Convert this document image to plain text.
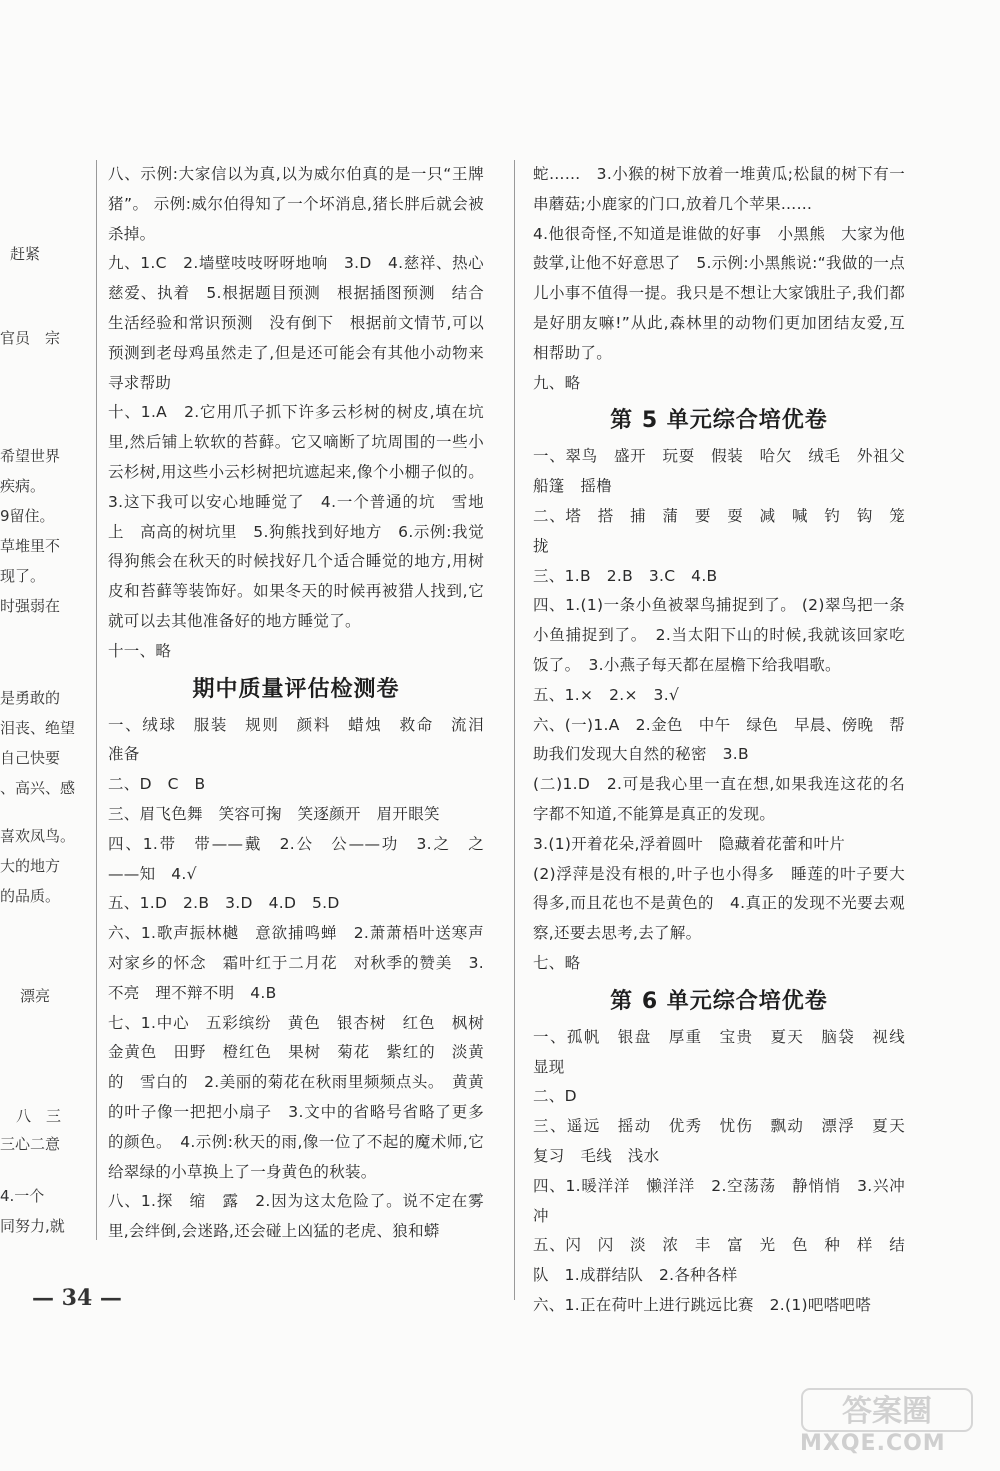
赶紧
官员　宗
希望世界
疾病。
9留住。
草堆里不
现了。
时强弱在
是勇敢的
泪丧、绝望
自己快要
、高兴、感
喜欢凤鸟。
大的地方
的品质。
漂亮
八　三
三心二意
4.一个
同努力,就

八、示例:大家信以为真,以为威尔伯真的是一只“王牌猪”。 示例:威尔伯得知了一个坏消息,猪长胖后就会被杀掉。

九、1.C　2.墙壁吱吱呀呀地响　3.D　4.慈祥、热心　慈爱、执着　5.根据题目预测　根据插图预测　结合生活经验和常识预测　没有倒下　根据前文情节,可以预测到老母鸡虽然走了,但是还可能会有其他小动物来寻求帮助

十、1.A　2.它用爪子抓下许多云杉树的树皮,填在坑里,然后铺上软软的苔藓。它又嘀断了坑周围的一些小云杉树,用这些小云杉树把坑遮起来,像个小棚子似的。 3.这下我可以安心地睡觉了　4.一个普通的坑　雪地上　高高的树坑里　5.狗熊找到好地方　6.示例:我觉得狗熊会在秋天的时候找好几个适合睡觉的地方,用树皮和苔藓等装饰好。如果冬天的时候再被猎人找到,它就可以去其他准备好的地方睡觉了。

十一、略

期中质量评估检测卷

一、绒球　服装　规则　颜料　蜡烛　救命　流泪　准备

二、D　C　B

三、眉飞色舞　笑容可掬　笑逐颜开　眉开眼笑

四、1.带　带——戴　2.公　公——功　3.之　之——知　4.√

五、1.D　2.B　3.D　4.D　5.D

六、1.歌声振林樾　意欲捕鸣蝉　2.萧萧梧叶送寒声　对家乡的怀念　霜叶红于二月花　对秋季的赞美　3.不亮　理不辩不明　4.B

七、1.中心　五彩缤纷　黄色　银杏树　红色　枫树　金黄色　田野　橙红色　果树　菊花　紫红的　淡黄的　雪白的　2.美丽的菊花在秋雨里频频点头。　黄黄的叶子像一把把小扇子　3.文中的省略号省略了更多的颜色。　4.示例:秋天的雨,像一位了不起的魔术师,它给翠绿的小草换上了一身黄色的秋装。

八、1.探　缩　露　2.因为这太危险了。说不定在雾里,会绊倒,会迷路,还会碰上凶猛的老虎、狼和蟒

蛇……　3.小猴的树下放着一堆黄瓜;松鼠的树下有一串蘑菇;小鹿家的门口,放着几个苹果……

4.他很奇怪,不知道是谁做的好事　小黑熊　大家为他鼓掌,让他不好意思了　5.示例:小黑熊说:“我做的一点儿小事不值得一提。我只是不想让大家饿肚子,我们都是好朋友嘛!”从此,森林里的动物们更加团结友爱,互相帮助了。

九、略

第 5 单元综合培优卷

一、翠鸟　盛开　玩耍　假装　哈欠　绒毛　外祖父　船篷　摇橹

二、塔　搭　捕　蒲　要　耍　减　喊　钓　钩　笼　拢

三、1.B　2.B　3.C　4.B

四、1.(1)一条小鱼被翠鸟捕捉到了。 (2)翠鸟把一条小鱼捕捉到了。　2.当太阳下山的时候,我就该回家吃饭了。　3.小燕子每天都在屋檐下给我唱歌。

五、1.×　2.×　3.√

六、(一)1.A　2.金色　中午　绿色　早晨、傍晚　帮助我们发现大自然的秘密　3.B

(二)1.D　2.可是我心里一直在想,如果我连这花的名字都不知道,不能算是真正的发现。

3.(1)开着花朵,浮着圆叶　隐藏着花蕾和叶片

(2)浮萍是没有根的,叶子也小得多　睡莲的叶子要大得多,而且花也不是黄色的　4.真正的发现不光要去观察,还要去思考,去了解。

七、略

第 6 单元综合培优卷

一、孤帆　银盘　厚重　宝贵　夏天　脑袋　视线　显现

二、D

三、遥远　摇动　优秀　忧伤　飘动　漂浮　夏天　复习　毛线　浅水

四、1.暖洋洋　懒洋洋　2.空荡荡　静悄悄　3.兴冲冲

五、闪　闪　淡　浓　丰　富　光　色　种　样　结　队　1.成群结队　2.各种各样

六、1.正在荷叶上进行跳远比赛　2.(1)吧嗒吧嗒

— 34 —
答案圈
MXQE.COM
